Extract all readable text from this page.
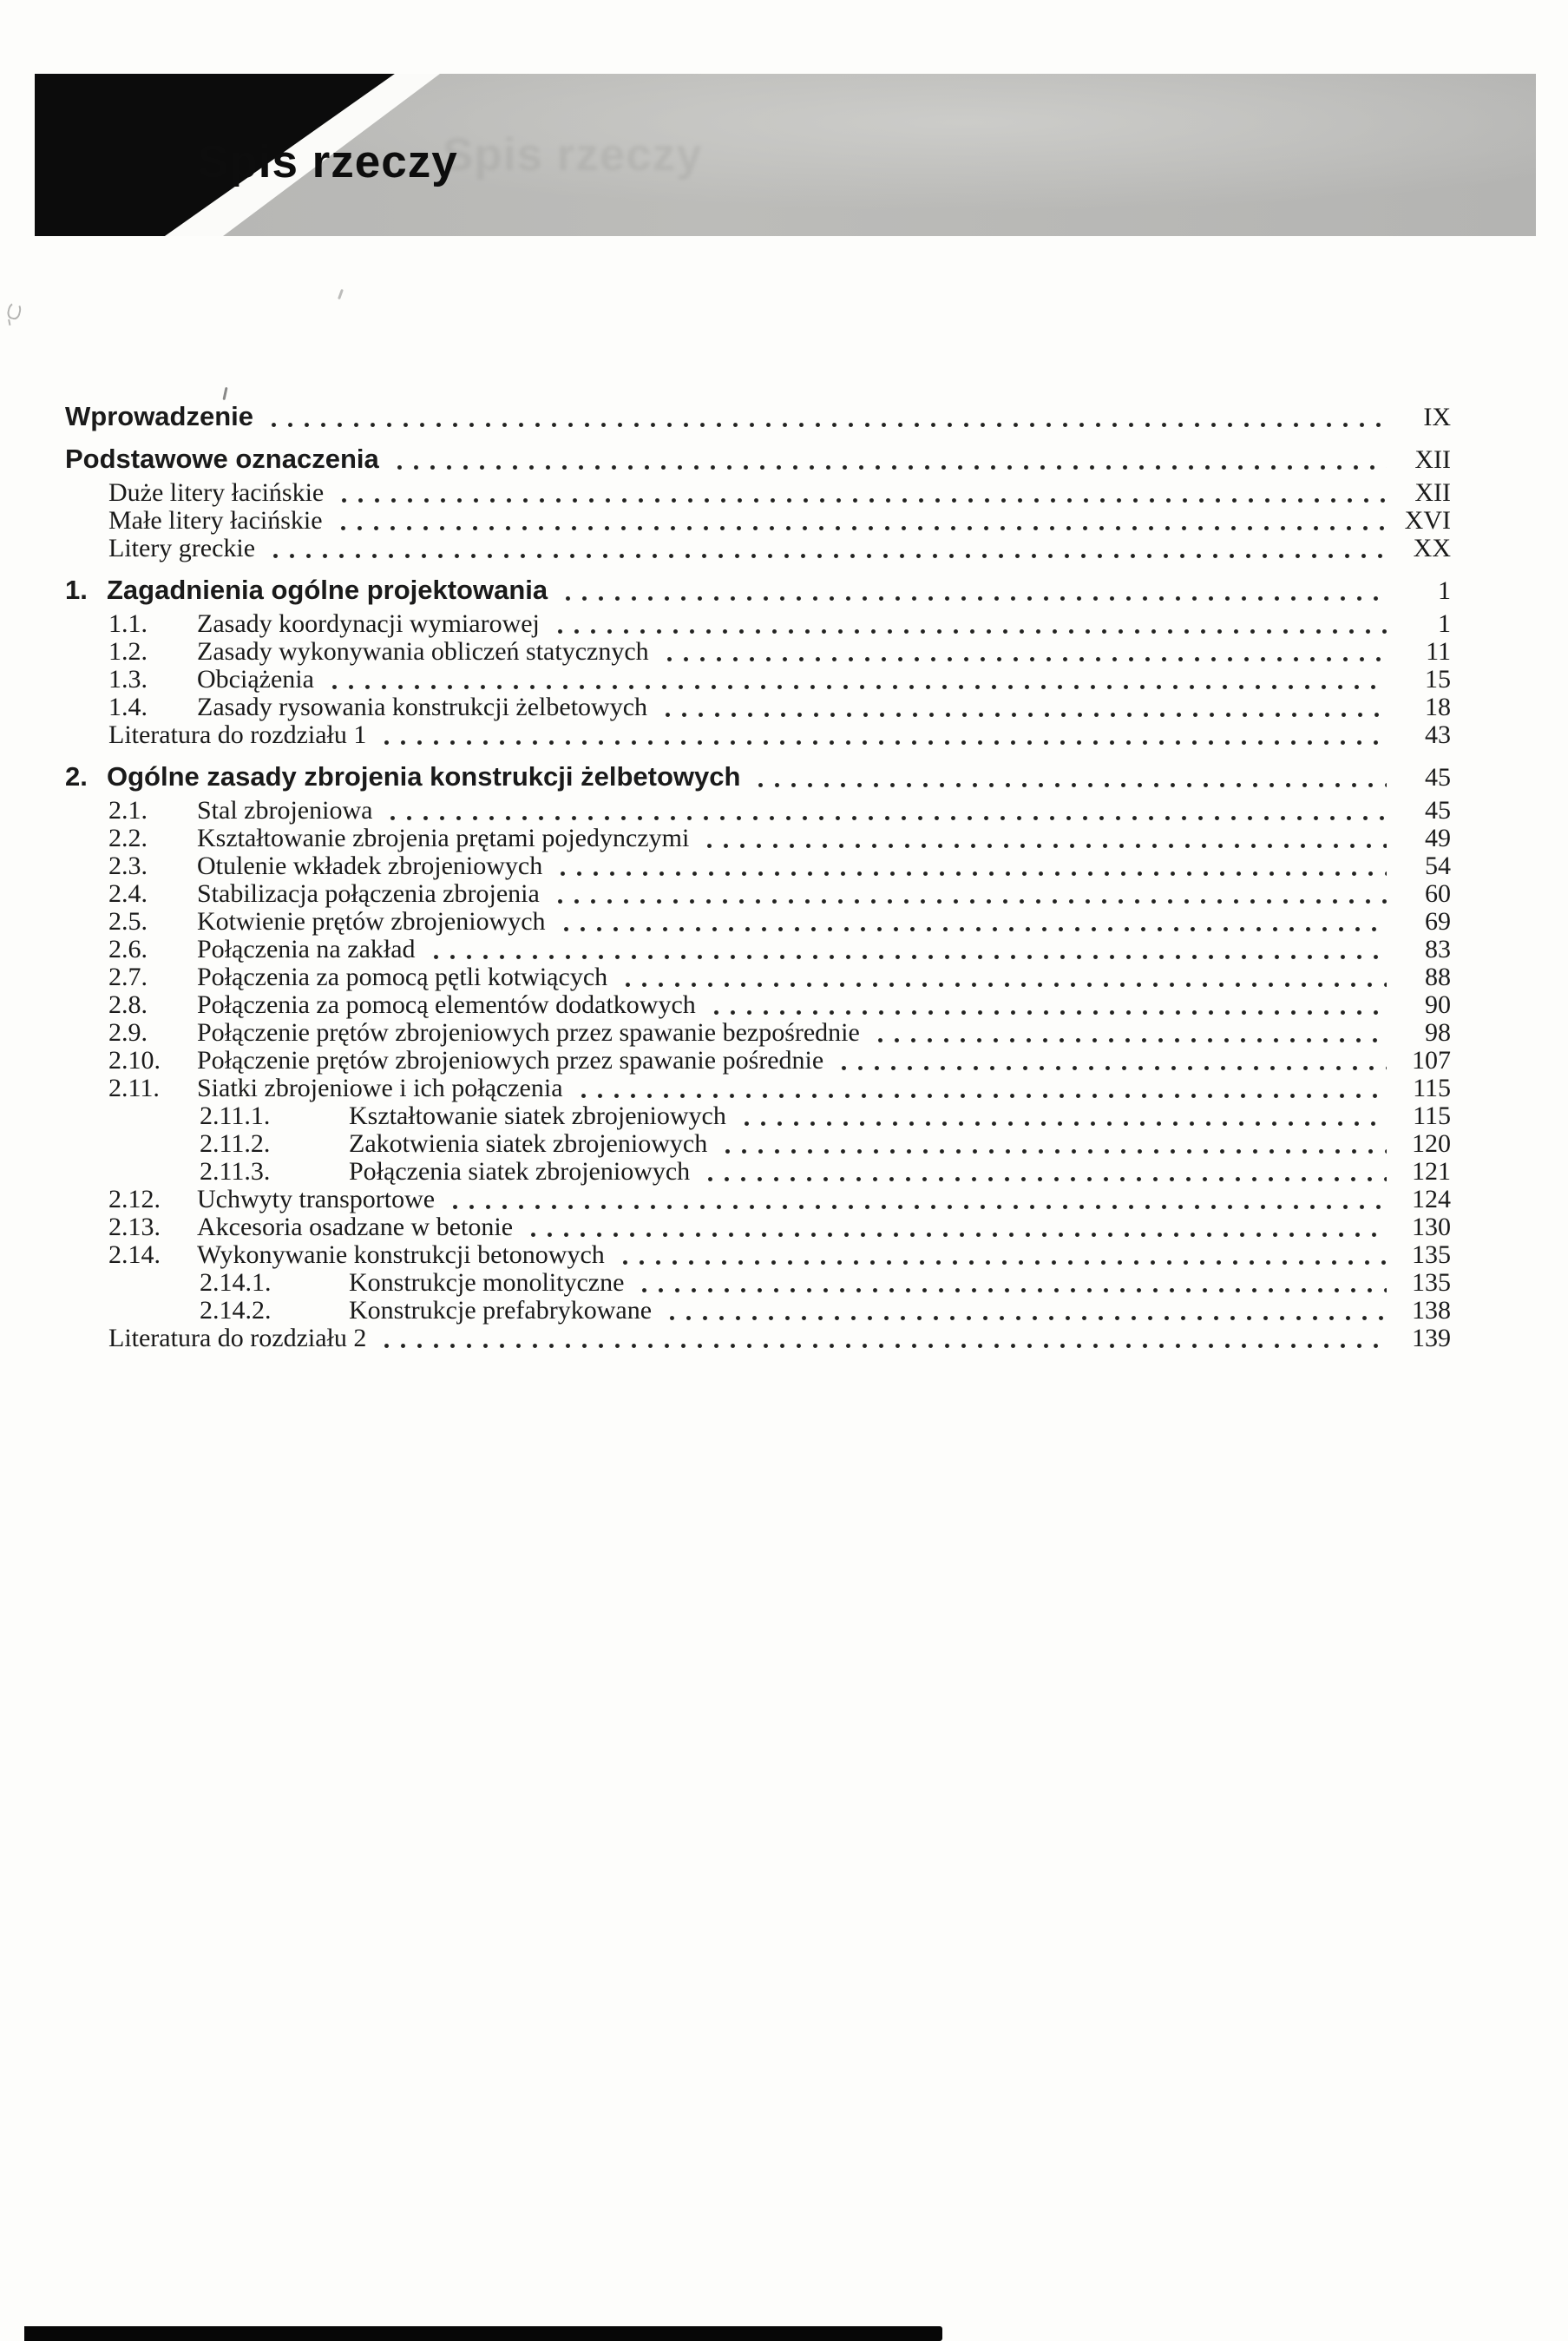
Spis rzeczy
Spis rzeczy
Wprowadzenie	IX
Podstawowe oznaczenia	XII
Duże litery łacińskie	XII
Małe litery łacińskie	XVI
Litery greckie	XX
1. Zagadnienia ogólne projektowania	1
1.1.	Zasady koordynacji wymiarowej	1
1.2.	Zasady wykonywania obliczeń statycznych	11
1.3.	Obciążenia	15
1.4.	Zasady rysowania konstrukcji żelbetowych	18
Literatura do rozdziału 1	43
2. Ogólne zasady zbrojenia konstrukcji żelbetowych	45
2.1.	Stal zbrojeniowa	45
2.2.	Kształtowanie zbrojenia prętami pojedynczymi	49
2.3.	Otulenie wkładek zbrojeniowych	54
2.4.	Stabilizacja połączenia zbrojenia	60
2.5.	Kotwienie prętów zbrojeniowych	69
2.6.	Połączenia na zakład	83
2.7.	Połączenia za pomocą pętli kotwiących	88
2.8.	Połączenia za pomocą elementów dodatkowych	90
2.9.	Połączenie prętów zbrojeniowych przez spawanie bezpośrednie	98
2.10.	Połączenie prętów zbrojeniowych przez spawanie pośrednie	107
2.11.	Siatki zbrojeniowe i ich połączenia	115
2.11.1.	Kształtowanie siatek zbrojeniowych	115
2.11.2.	Zakotwienia siatek zbrojeniowych	120
2.11.3.	Połączenia siatek zbrojeniowych	121
2.12.	Uchwyty transportowe	124
2.13.	Akcesoria osadzane w betonie	130
2.14.	Wykonywanie konstrukcji betonowych	135
2.14.1.	Konstrukcje monolityczne	135
2.14.2.	Konstrukcje prefabrykowane	138
Literatura do rozdziału 2	139
